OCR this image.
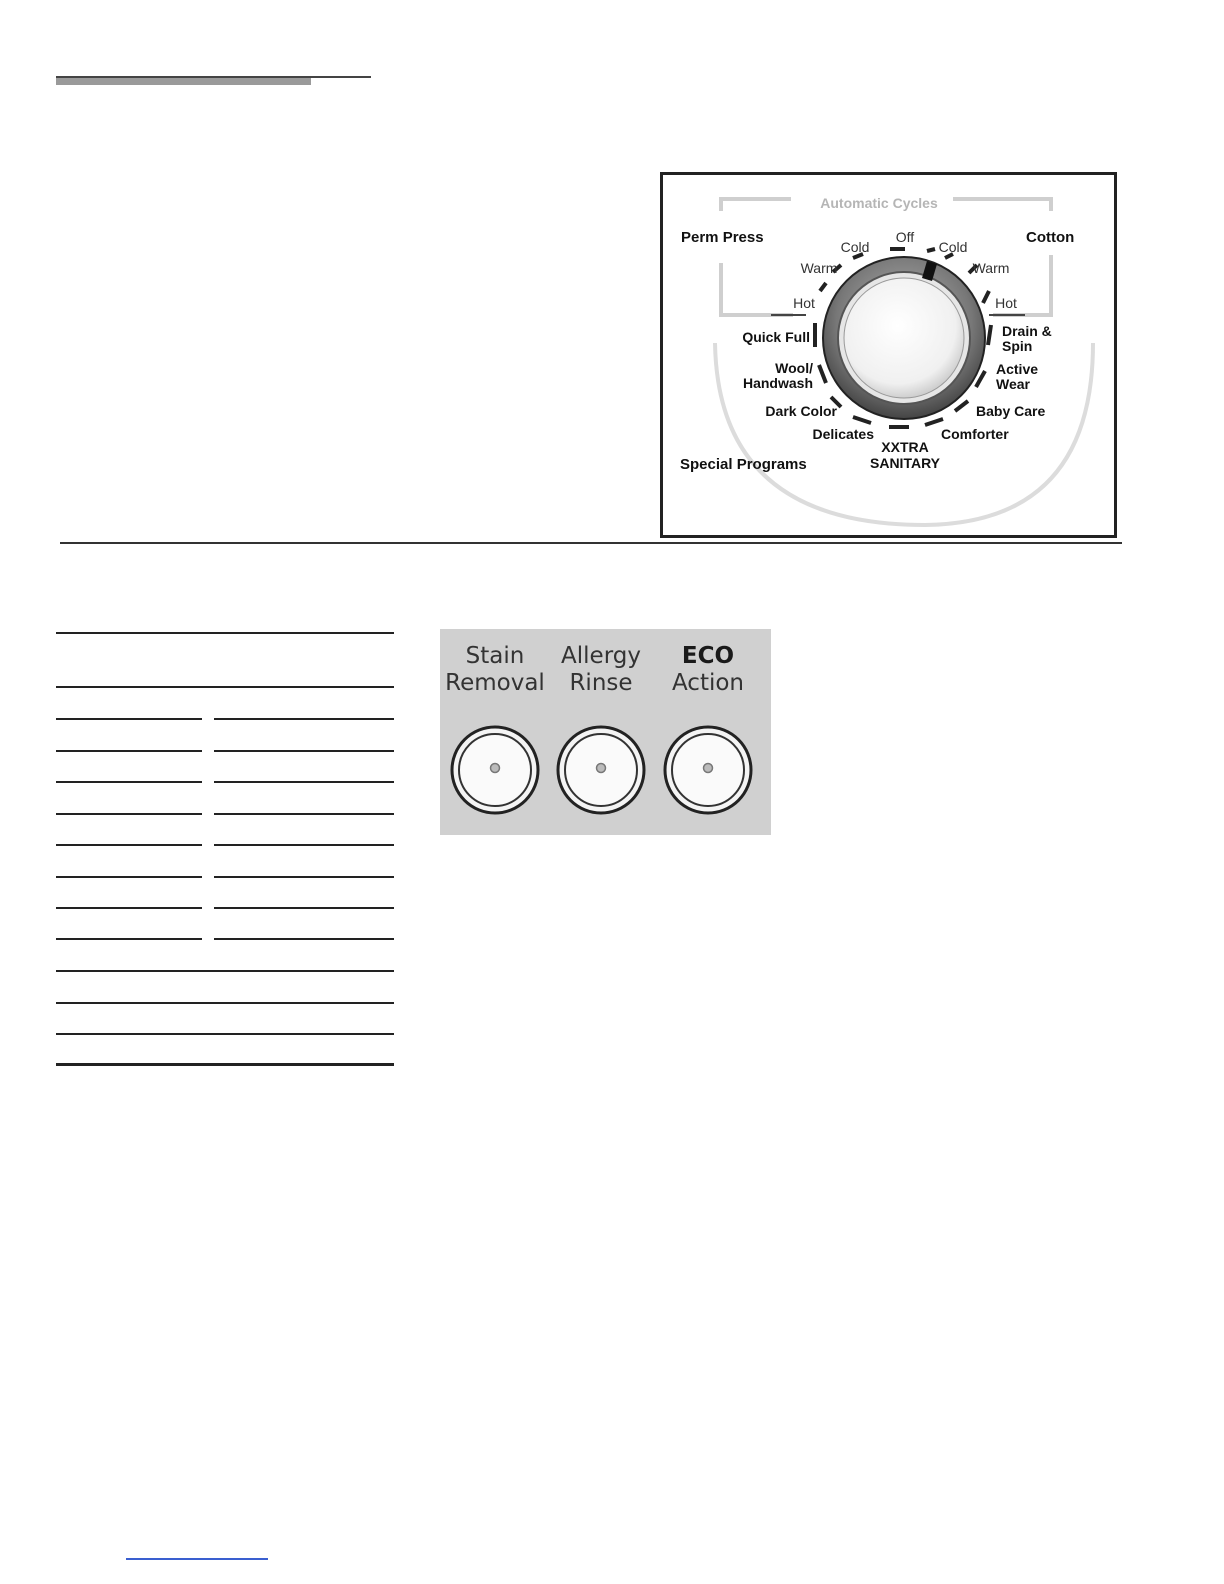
Automatic Cycles
Perm Press	Cotton
Special Programs
Off
Cold
Warm
Hot
Cold
Warm
Hot
Quick Full
Wool/
Handwash
Dark Color
Delicates
XXTRA
SANITARY
Comforter
Baby Care
Active
Wear
Drain &
Spin
Stain
Removal
Allergy
Rinse
ECO
Action
